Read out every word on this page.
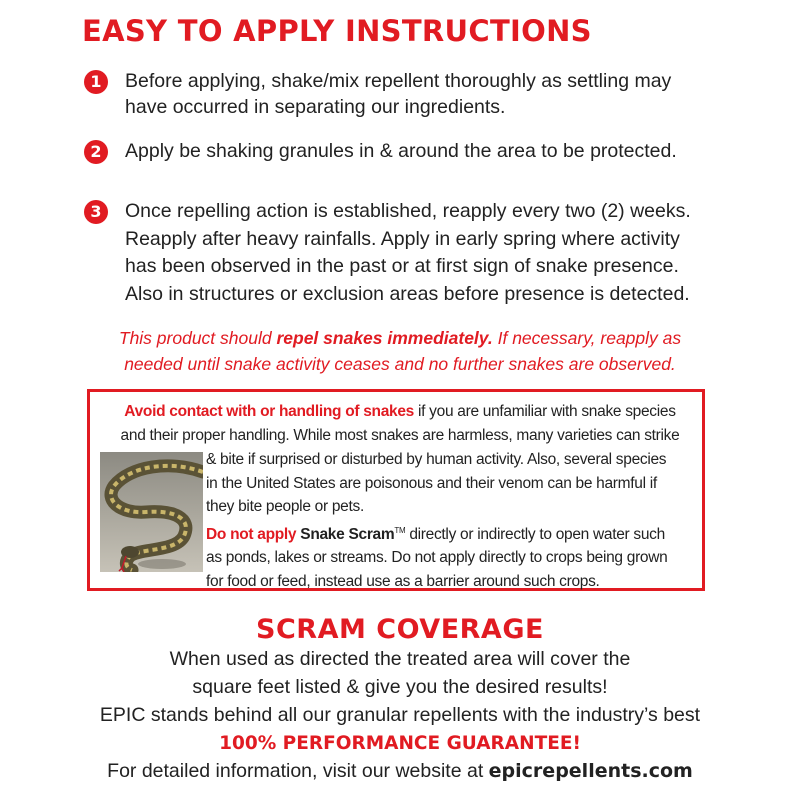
EASY TO APPLY INSTRUCTIONS
1	Before applying, shake/mix repellent thoroughly as settling may
have occurred in separating our ingredients.
2	Apply be shaking granules in & around the area to be protected.
3	Once repelling action is established, reapply every two (2) weeks.
Reapply after heavy rainfalls. Apply in early spring where activity
has been observed in the past or at first sign of snake presence.
Also in structures or exclusion areas before presence is detected.
This product should repel snakes immediately. If necessary, reapply as
needed until snake activity ceases and no further snakes are observed.
Avoid contact with or handling of snakes if you are unfamiliar with snake species
and their proper handling. While most snakes are harmless, many varieties can strike
& bite if surprised or disturbed by human activity. Also, several species
in the United States are poisonous and their venom can be harmful if
they bite people or pets.
Do not apply Snake Scram™ directly or indirectly to open water such
as ponds, lakes or streams. Do not apply directly to crops being grown
for food or feed, instead use as a barrier around such crops.
SCRAM COVERAGE
When used as directed the treated area will cover the
square feet listed & give you the desired results!
EPIC stands behind all our granular repellents with the industry’s best
100% PERFORMANCE GUARANTEE!
For detailed information, visit our website at epicrepellents.com
